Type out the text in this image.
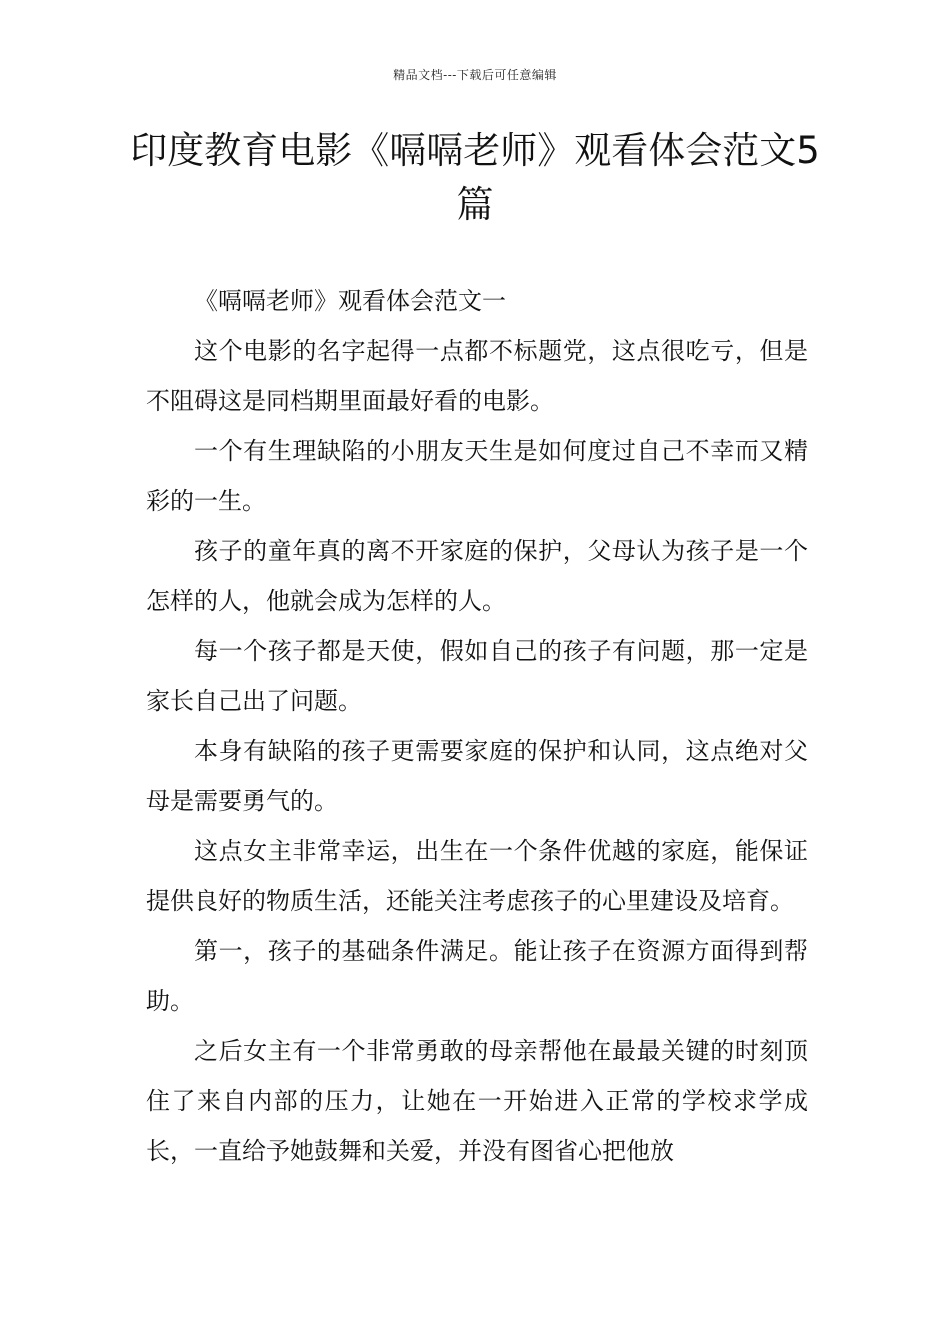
精品文档---下载后可任意编辑
印度教育电影《嗝嗝老师》观看体会范文5篇

《嗝嗝老师》观看体会范文一

这个电影的名字起得一点都不标题党，这点很吃亏，但是不阻碍这是同档期里面最好看的电影。

一个有生理缺陷的小朋友天生是如何度过自己不幸而又精彩的一生。

孩子的童年真的离不开家庭的保护，父母认为孩子是一个怎样的人，他就会成为怎样的人。

每一个孩子都是天使，假如自己的孩子有问题，那一定是家长自己出了问题。

本身有缺陷的孩子更需要家庭的保护和认同，这点绝对父母是需要勇气的。

这点女主非常幸运，出生在一个条件优越的家庭，能保证提供良好的物质生活，还能关注考虑孩子的心里建设及培育。

第一，孩子的基础条件满足。能让孩子在资源方面得到帮助。

之后女主有一个非常勇敢的母亲帮他在最最关键的时刻顶住了来自内部的压力，让她在一开始进入正常的学校求学成长，一直给予她鼓舞和关爱，并没有图省心把他放
